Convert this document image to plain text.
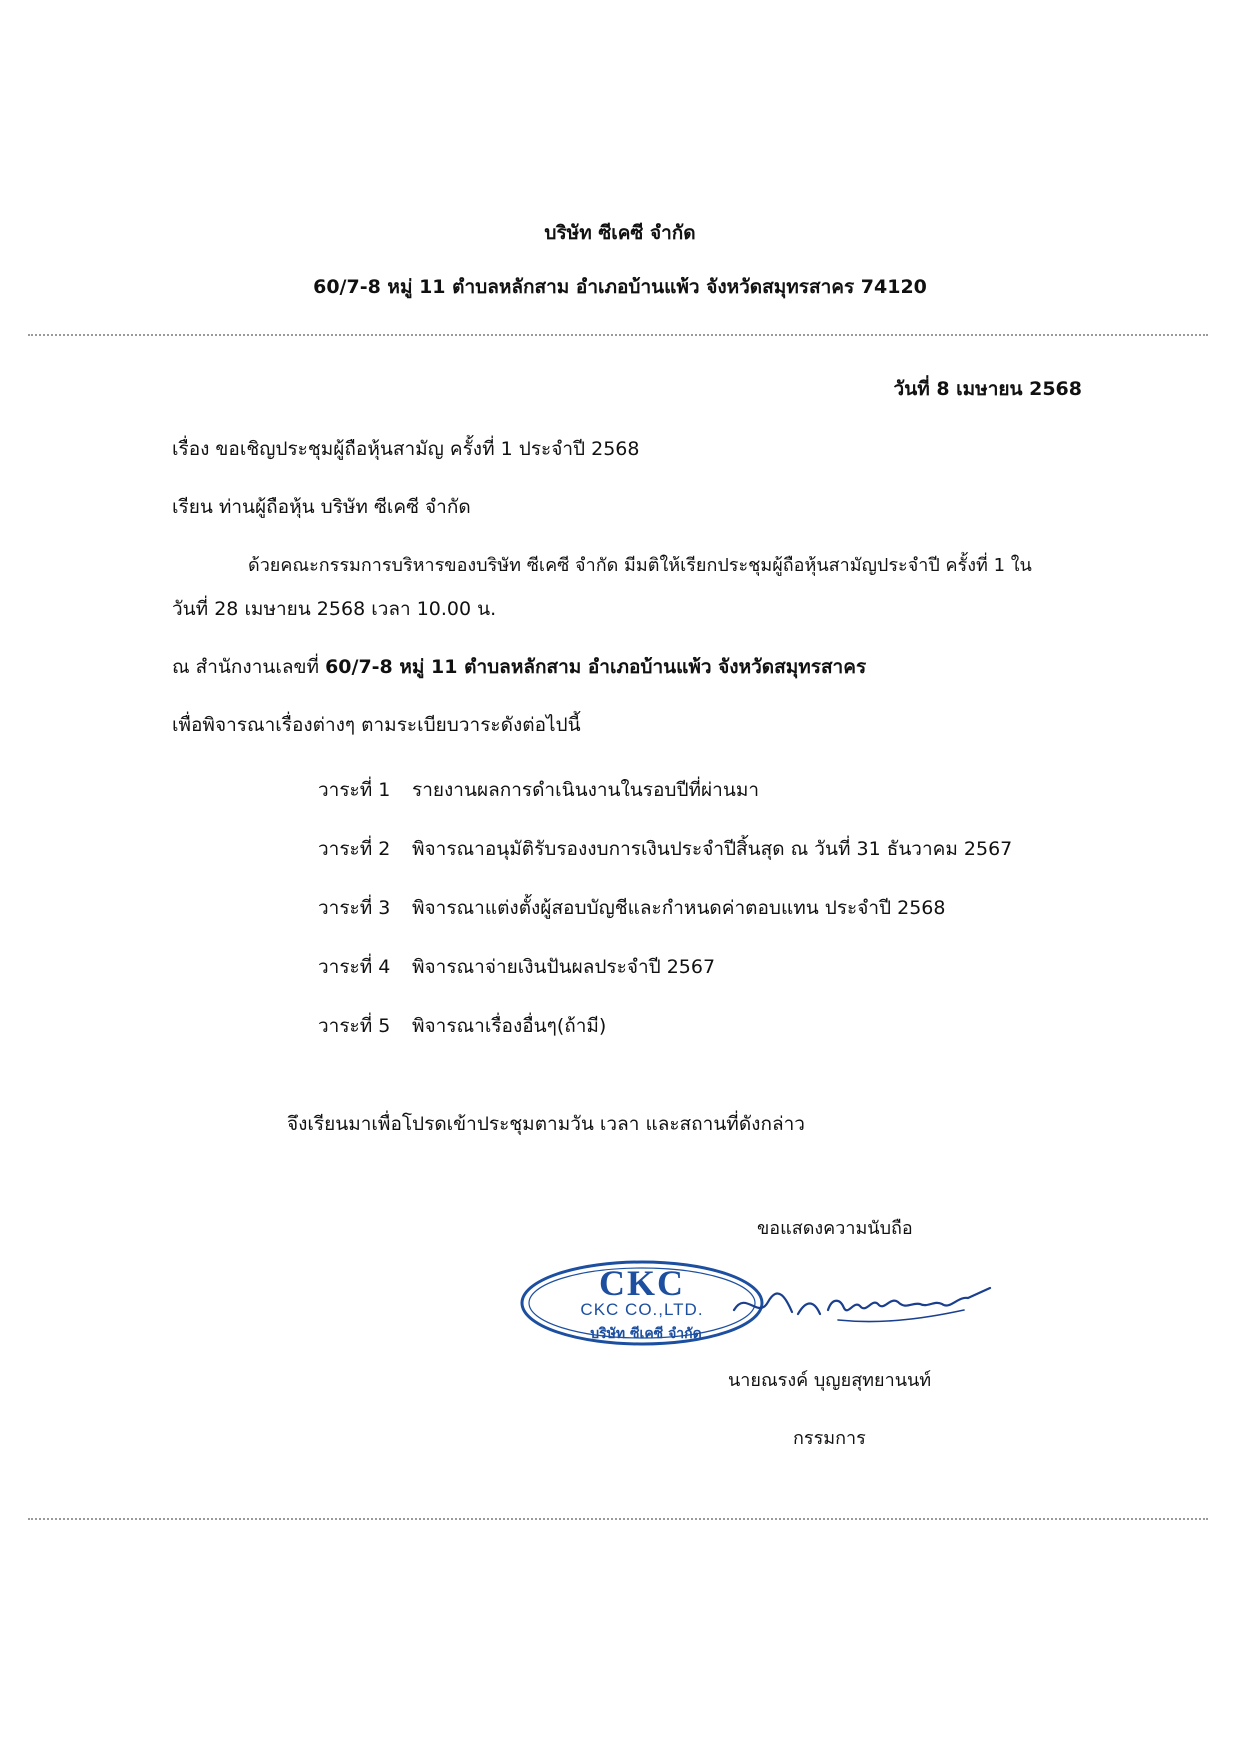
บริษัท ซีเคซี จำกัด
60/7-8 หมู่ 11 ตำบลหลักสาม อำเภอบ้านแพ้ว จังหวัดสมุทรสาคร 74120
วันที่ 8 เมษายน 2568
เรื่อง ขอเชิญประชุมผู้ถือหุ้นสามัญ ครั้งที่ 1 ประจำปี 2568
เรียน ท่านผู้ถือหุ้น บริษัท ซีเคซี จำกัด
ด้วยคณะกรรมการบริหารของบริษัท ซีเคซี จำกัด มีมติให้เรียกประชุมผู้ถือหุ้นสามัญประจำปี ครั้งที่ 1 ใน
วันที่ 28 เมษายน 2568 เวลา 10.00 น.
ณ สำนักงานเลขที่ 60/7-8 หมู่ 11 ตำบลหลักสาม อำเภอบ้านแพ้ว จังหวัดสมุทรสาคร
เพื่อพิจารณาเรื่องต่างๆ ตามระเบียบวาระดังต่อไปนี้
วาระที่ 1 รายงานผลการดำเนินงานในรอบปีที่ผ่านมา
วาระที่ 2 พิจารณาอนุมัติรับรองงบการเงินประจำปีสิ้นสุด ณ วันที่ 31 ธันวาคม 2567
วาระที่ 3 พิจารณาแต่งตั้งผู้สอบบัญชีและกำหนดค่าตอบแทน ประจำปี 2568
วาระที่ 4 พิจารณาจ่ายเงินปันผลประจำปี 2567
วาระที่ 5 พิจารณาเรื่องอื่นๆ(ถ้ามี)
จึงเรียนมาเพื่อโปรดเข้าประชุมตามวัน เวลา และสถานที่ดังกล่าว
ขอแสดงความนับถือ
CKC
CKC CO.,LTD.
บริษัท ซีเคซี จำกัด
นายณรงค์ บุญยสุทยานนท์
กรรมการ
